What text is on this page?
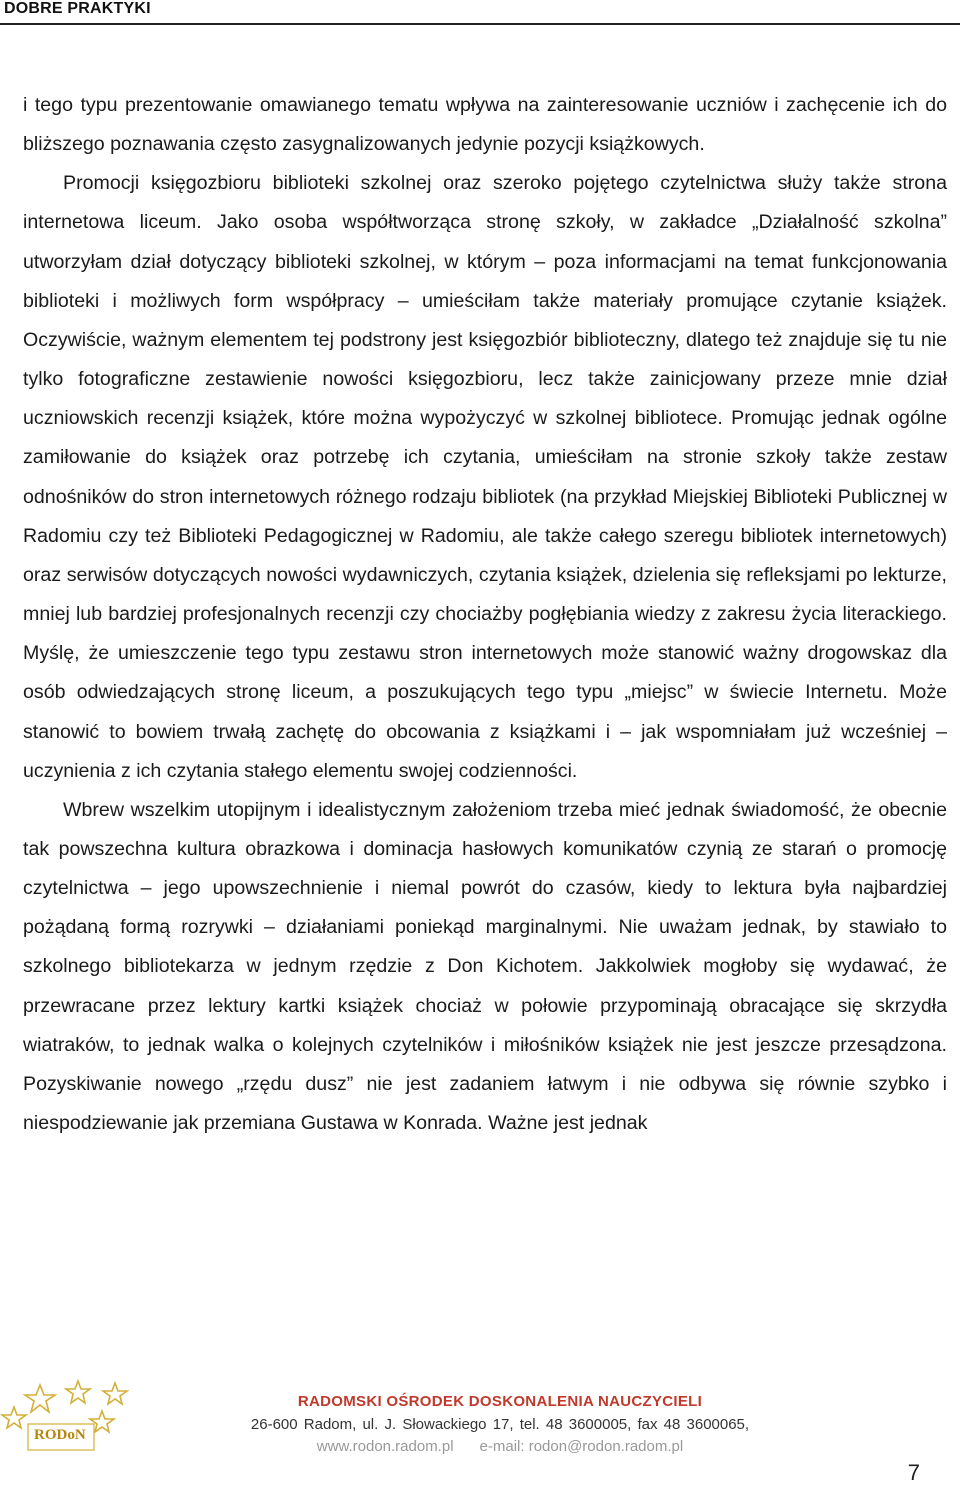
DOBRE PRAKTYKI

i tego typu prezentowanie omawianego tematu wpływa na zainteresowanie uczniów i zachęcenie ich do bliższego poznawania często zasygnalizowanych jedynie pozycji książkowych.

Promocji księgozbioru biblioteki szkolnej oraz szeroko pojętego czytelnictwa służy także strona internetowa liceum. Jako osoba współtworząca stronę szkoły, w zakładce „Działalność szkolna” utworzyłam dział dotyczący biblioteki szkolnej, w którym – poza informacjami na temat funkcjonowania biblioteki i możliwych form współpracy – umieściłam także materiały promujące czytanie książek. Oczywiście, ważnym elementem tej podstrony jest księgozbiór biblioteczny, dlatego też znajduje się tu nie tylko fotograficzne zestawienie nowości księgozbioru, lecz także zainicjowany przeze mnie dział uczniowskich recenzji książek, które można wypożyczyć w szkolnej bibliotece. Promując jednak ogólne zamiłowanie do książek oraz potrzebę ich czytania, umieściłam na stronie szkoły także zestaw odnośników do stron internetowych różnego rodzaju bibliotek (na przykład Miejskiej Biblioteki Publicznej w Radomiu czy też Biblioteki Pedagogicznej w Radomiu, ale także całego szeregu bibliotek internetowych) oraz serwisów dotyczących nowości wydawniczych, czytania książek, dzielenia się refleksjami po lekturze, mniej lub bardziej profesjonalnych recenzji czy chociażby pogłębiania wiedzy z zakresu życia literackiego. Myślę, że umieszczenie tego typu zestawu stron internetowych może stanowić ważny drogowskaz dla osób odwiedzających stronę liceum, a poszukujących tego typu „miejsc” w świecie Internetu. Może stanowić to bowiem trwałą zachętę do obcowania z książkami i – jak wspomniałam już wcześniej – uczynienia z ich czytania stałego elementu swojej codzienności.

Wbrew wszelkim utopijnym i idealistycznym założeniom trzeba mieć jednak świadomość, że obecnie tak powszechna kultura obrazkowa i dominacja hasłowych komunikatów czynią ze starań o promocję czytelnictwa – jego upowszechnienie i niemal powrót do czasów, kiedy to lektura była najbardziej pożądaną formą rozrywki – działaniami poniekąd marginalnymi. Nie uważam jednak, by stawiało to szkolnego bibliotekarza w jednym rzędzie z Don Kichotem. Jakkolwiek mogłoby się wydawać, że przewracane przez lektury kartki książek chociaż w połowie przypominają obracające się skrzydła wiatraków, to jednak walka o kolejnych czytelników i miłośników książek nie jest jeszcze przesądzona. Pozyskiwanie nowego „rzędu dusz” nie jest zadaniem łatwym i nie odbywa się równie szybko i niespodziewanie jak przemiana Gustawa w Konrada. Ważne jest jednak

RODoN
RADOMSKI OŚRODEK DOSKONALENIA NAUCZYCIELI
26-600 Radom, ul. J. Słowackiego 17, tel. 48 3600005, fax 48 3600065,
www.rodon.radom.pl e-mail: rodon@rodon.radom.pl
7
